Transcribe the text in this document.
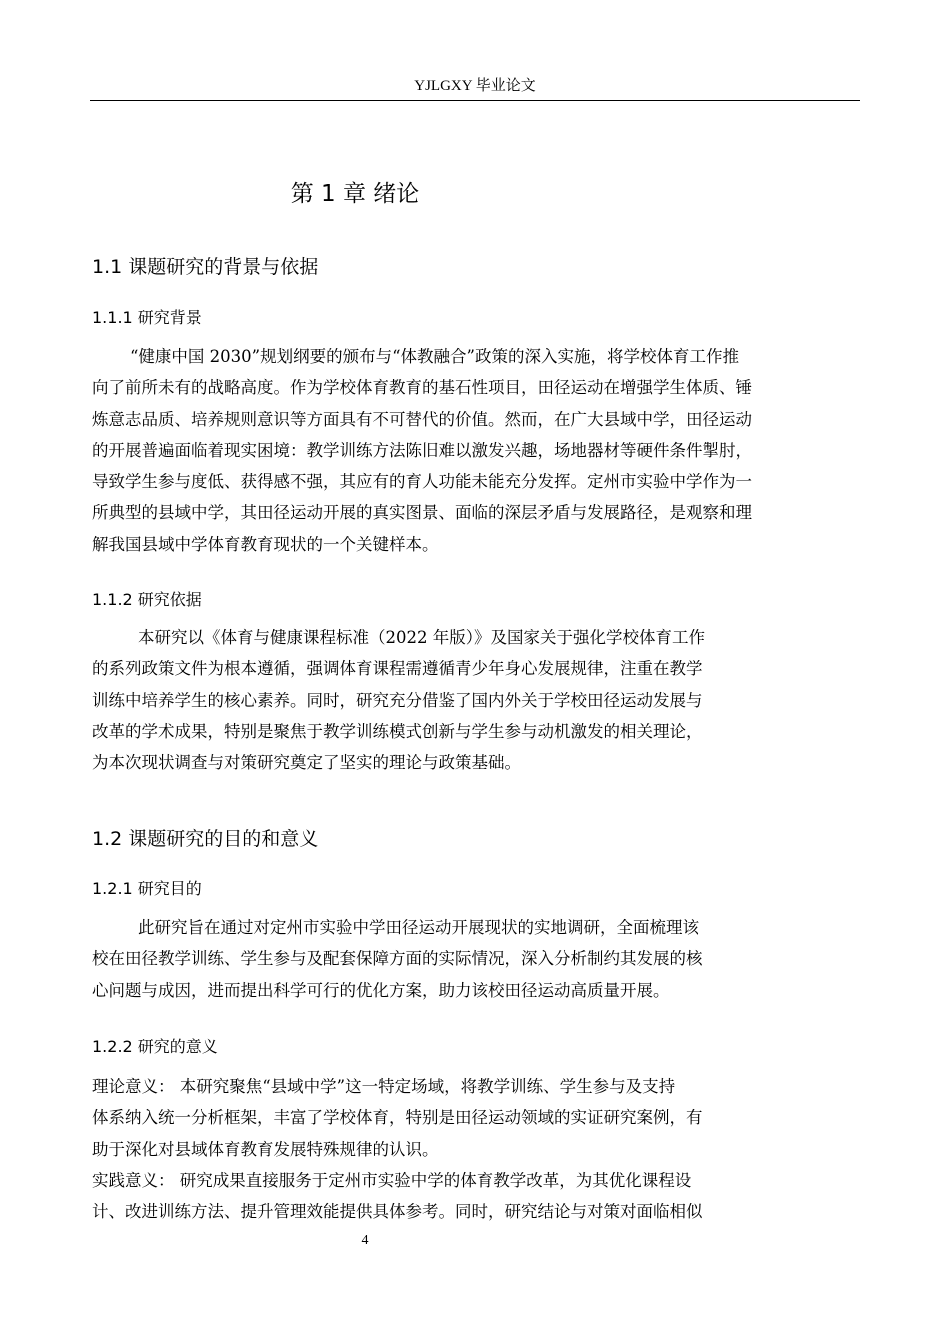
YJLGXY 毕业论文
第 1 章 绪论
1.1 课题研究的背景与依据
1.1.1 研究背景
“健康中国 2030”规划纲要的颁布与“体教融合”政策的深入实施，将学校体育工作推
向了前所未有的战略高度。作为学校体育教育的基石性项目，田径运动在增强学生体质、锤
炼意志品质、培养规则意识等方面具有不可替代的价值。然而，在广大县域中学，田径运动
的开展普遍面临着现实困境：教学训练方法陈旧难以激发兴趣，场地器材等硬件条件掣肘，
导致学生参与度低、获得感不强，其应有的育人功能未能充分发挥。定州市实验中学作为一
所典型的县域中学，其田径运动开展的真实图景、面临的深层矛盾与发展路径，是观察和理
解我国县域中学体育教育现状的一个关键样本。
1.1.2 研究依据
本研究以《体育与健康课程标准（2022 年版）》及国家关于强化学校体育工作
的系列政策文件为根本遵循，强调体育课程需遵循青少年身心发展规律，注重在教学
训练中培养学生的核心素养。同时，研究充分借鉴了国内外关于学校田径运动发展与
改革的学术成果，特别是聚焦于教学训练模式创新与学生参与动机激发的相关理论，
为本次现状调查与对策研究奠定了坚实的理论与政策基础。
1.2 课题研究的目的和意义
1.2.1 研究目的
此研究旨在通过对定州市实验中学田径运动开展现状的实地调研，全面梳理该
校在田径教学训练、学生参与及配套保障方面的实际情况，深入分析制约其发展的核
心问题与成因，进而提出科学可行的优化方案，助力该校田径运动高质量开展。
1.2.2 研究的意义
理论意义： 本研究聚焦“县域中学”这一特定场域，将教学训练、学生参与及支持
体系纳入统一分析框架，丰富了学校体育，特别是田径运动领域的实证研究案例，有
助于深化对县域体育教育发展特殊规律的认识。
实践意义： 研究成果直接服务于定州市实验中学的体育教学改革，为其优化课程设
计、改进训练方法、提升管理效能提供具体参考。同时，研究结论与对策对面临相似
4
